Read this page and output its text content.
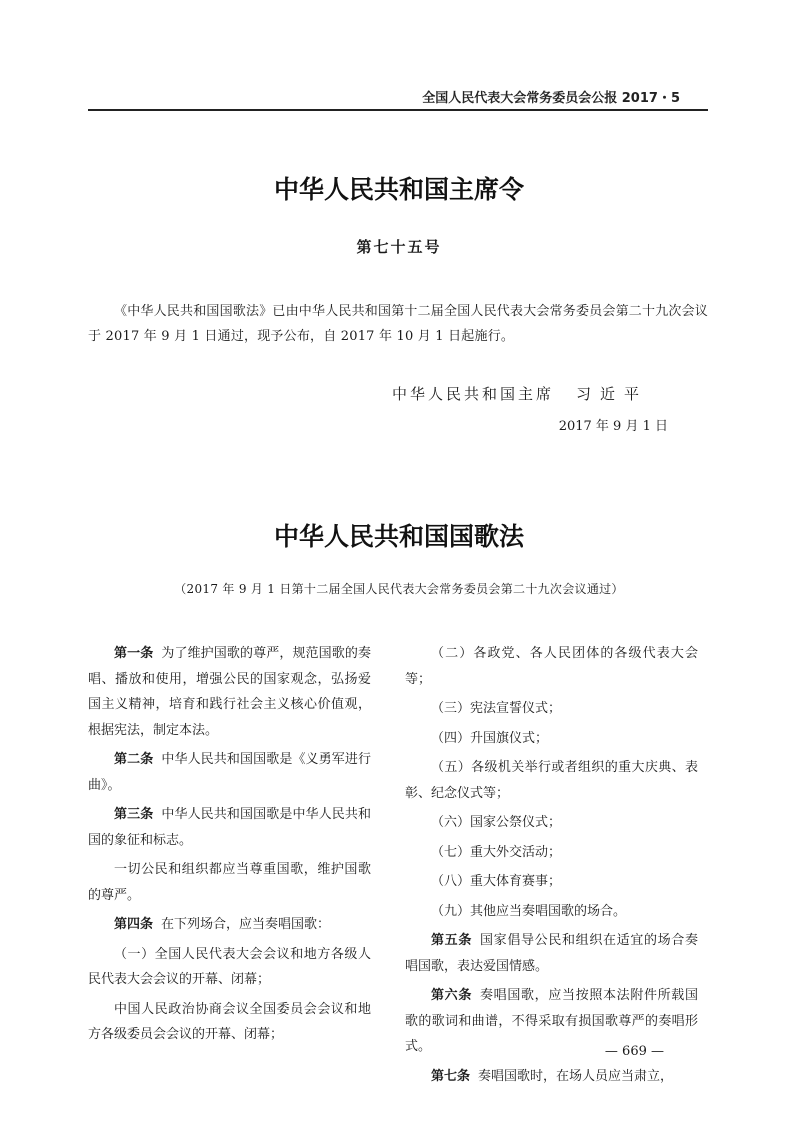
全国人民代表大会常务委员会公报 2017・5
中华人民共和国主席令
第七十五号
《中华人民共和国国歌法》已由中华人民共和国第十二届全国人民代表大会常务委员会第二十九次会议于 2017 年 9 月 1 日通过，现予公布，自 2017 年 10 月 1 日起施行。
中华人民共和国主席 习近平
2017 年 9 月 1 日
中华人民共和国国歌法
（2017 年 9 月 1 日第十二届全国人民代表大会常务委员会第二十九次会议通过）

第一条 为了维护国歌的尊严，规范国歌的奏唱、播放和使用，增强公民的国家观念，弘扬爱国主义精神，培育和践行社会主义核心价值观，根据宪法，制定本法。

第二条 中华人民共和国国歌是《义勇军进行曲》。

第三条 中华人民共和国国歌是中华人民共和国的象征和标志。

一切公民和组织都应当尊重国歌，维护国歌的尊严。

第四条 在下列场合，应当奏唱国歌：

（一）全国人民代表大会会议和地方各级人民代表大会会议的开幕、闭幕；

中国人民政治协商会议全国委员会会议和地方各级委员会会议的开幕、闭幕；

（二）各政党、各人民团体的各级代表大会等；

（三）宪法宣誓仪式；

（四）升国旗仪式；

（五）各级机关举行或者组织的重大庆典、表彰、纪念仪式等；

（六）国家公祭仪式；

（七）重大外交活动；

（八）重大体育赛事；

（九）其他应当奏唱国歌的场合。

第五条 国家倡导公民和组织在适宜的场合奏唱国歌，表达爱国情感。

第六条 奏唱国歌，应当按照本法附件所载国歌的歌词和曲谱，不得采取有损国歌尊严的奏唱形式。

第七条 奏唱国歌时，在场人员应当肃立，

— 669 —
